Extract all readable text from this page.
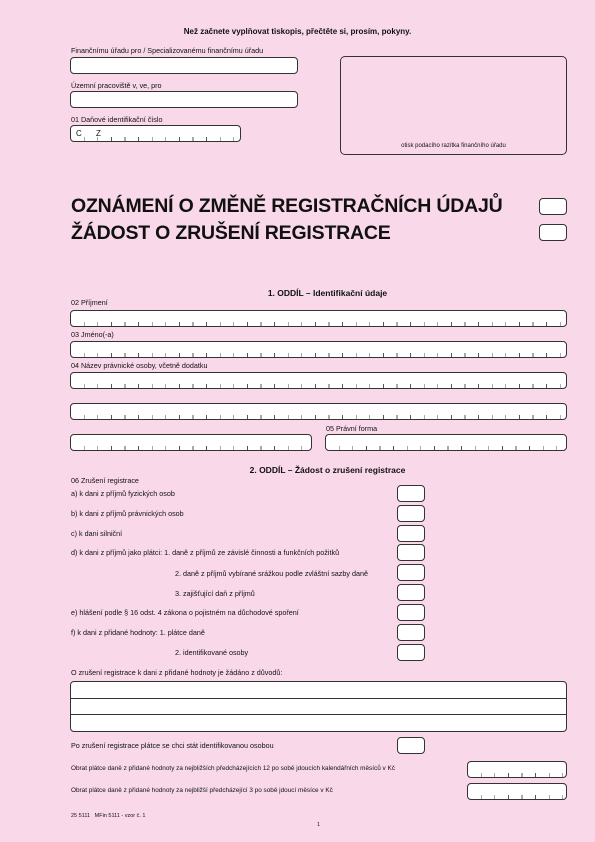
Než začnete vyplňovat tiskopis, přečtěte si, prosím, pokyny.
Finančnímu úřadu pro / Specializovanému finančnímu úřadu
Územní pracoviště v, ve, pro
01 Daňové identifikační číslo
C Z
otisk podacího razítka finančního úřadu
OZNÁMENÍ O ZMĚNĚ REGISTRAČNÍCH ÚDAJŮ
ŽÁDOST O ZRUŠENÍ REGISTRACE
1. ODDÍL – Identifikační údaje
02 Příjmení
03 Jméno(-a)
04 Název právnické osoby, včetně dodatku
05 Právní forma
2. ODDÍL – Žádost o zrušení registrace
06 Zrušení registrace
a) k dani z příjmů fyzických osob
b) k dani z příjmů právnických osob
c) k dani silniční
d) k dani z příjmů jako plátci: 1. daně z příjmů ze závislé činnosti a funkčních požitků
2. daně z příjmů vybírané srážkou podle zvláštní sazby daně
3. zajišťující daň z příjmů
e) hlášení podle § 16 odst. 4 zákona o pojistném na důchodové spoření
f) k dani z přidané hodnoty: 1. plátce daně
2. identifikované osoby
O zrušení registrace k dani z přidané hodnoty je žádáno z důvodů:
Po zrušení registrace plátce se chci stát identifikovanou osobou
Obrat plátce daně z přidané hodnoty za nejbližších předcházejících 12 po sobě jdoucích kalendářních měsíců v Kč
Obrat plátce daně z přidané hodnoty za nejbližší předcházející 3 po sobě jdoucí měsíce v Kč
25 5111   MFin 5111 - vzor č. 1
1
